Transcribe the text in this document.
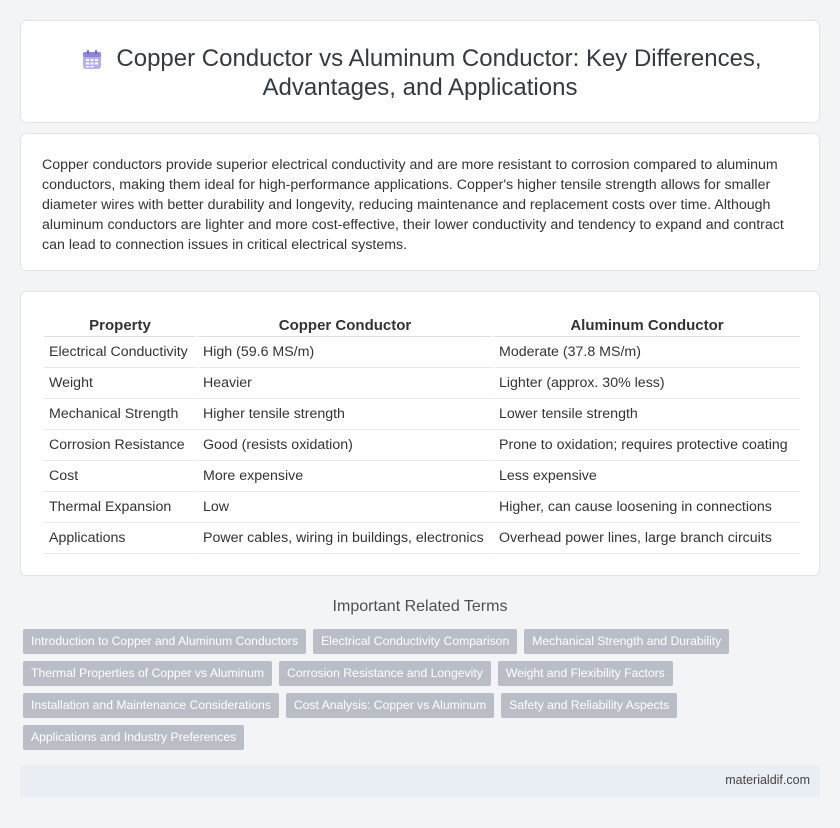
Copper Conductor vs Aluminum Conductor: Key Differences,
Advantages, and Applications

Copper conductors provide superior electrical conductivity and are more resistant to corrosion compared to aluminum conductors, making them ideal for high-performance applications. Copper's higher tensile strength allows for smaller diameter wires with better durability and longevity, reducing maintenance and replacement costs over time. Although aluminum conductors are lighter and more cost-effective, their lower conductivity and tendency to expand and contract can lead to connection issues in critical electrical systems.

Property	Copper Conductor	Aluminum Conductor
Electrical Conductivity	High (59.6 MS/m)	Moderate (37.8 MS/m)
Weight	Heavier	Lighter (approx. 30% less)
Mechanical Strength	Higher tensile strength	Lower tensile strength
Corrosion Resistance	Good (resists oxidation)	Prone to oxidation; requires protective coating
Cost	More expensive	Less expensive
Thermal Expansion	Low	Higher, can cause loosening in connections
Applications	Power cables, wiring in buildings, electronics	Overhead power lines, large branch circuits
Important Related Terms
Introduction to Copper and Aluminum Conductors	Electrical Conductivity Comparison	Mechanical Strength and Durability
Thermal Properties of Copper vs Aluminum	Corrosion Resistance and Longevity	Weight and Flexibility Factors
Installation and Maintenance Considerations	Cost Analysis: Copper vs Aluminum	Safety and Reliability Aspects
Applications and Industry Preferences
materialdif.com
